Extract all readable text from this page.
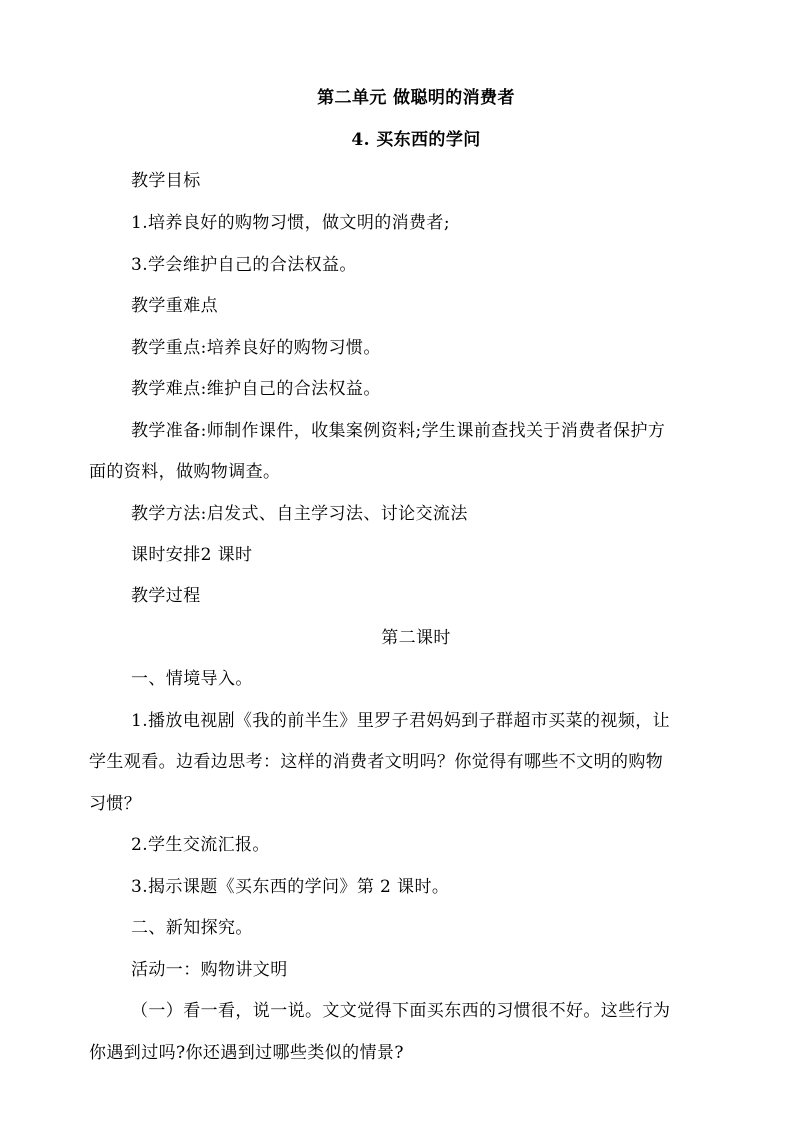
第二单元 做聪明的消费者
4. 买东西的学问
教学目标
1.培养良好的购物习惯，做文明的消费者;
3.学会维护自己的合法权益。
教学重难点
教学重点:培养良好的购物习惯。
教学难点:维护自己的合法权益。
教学准备:师制作课件，收集案例资料;学生课前查找关于消费者保护方
面的资料，做购物调查。
教学方法:启发式、自主学习法、讨论交流法
课时安排2 课时
教学过程
第二课时
一、情境导入。
1.播放电视剧《我的前半生》里罗子君妈妈到子群超市买菜的视频，让
学生观看。边看边思考：这样的消费者文明吗？你觉得有哪些不文明的购物
习惯？
2.学生交流汇报。
3.揭示课题《买东西的学问》第 2 课时。
二、新知探究。
活动一：购物讲文明
（一）看一看，说一说。文文觉得下面买东西的习惯很不好。这些行为
你遇到过吗?你还遇到过哪些类似的情景?
